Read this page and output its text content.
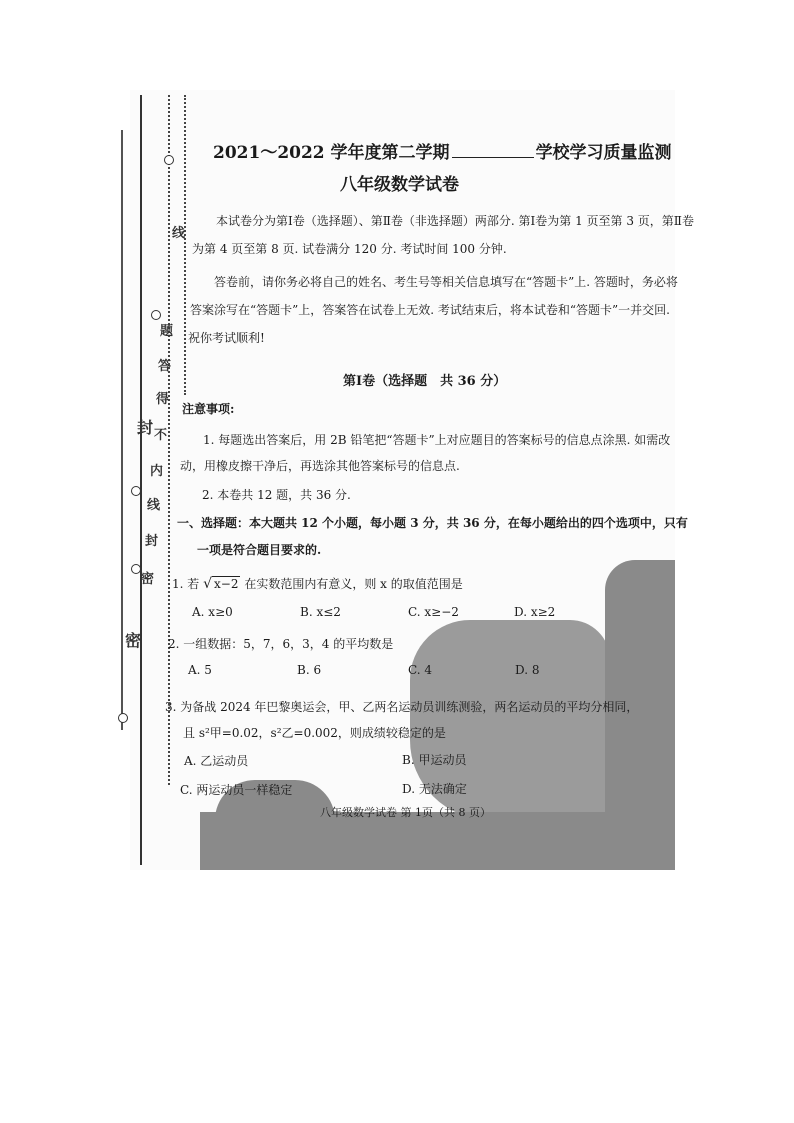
线
题
答
得
不
封
内
线
封
密
密
2021～2022 学年度第二学期	学校学习质量监测
八年级数学试卷
本试卷分为第Ⅰ卷（选择题）、第Ⅱ卷（非选择题）两部分. 第Ⅰ卷为第 1 页至第 3 页，第Ⅱ卷
为第 4 页至第 8 页. 试卷满分 120 分. 考试时间 100 分钟.
答卷前，请你务必将自己的姓名、考生号等相关信息填写在“答题卡”上. 答题时，务必将
答案涂写在“答题卡”上，答案答在试卷上无效. 考试结束后，将本试卷和“答题卡”一并交回.
祝你考试顺利!
第Ⅰ卷（选择题　共 36 分）
注意事项:
1. 每题选出答案后，用 2B 铅笔把“答题卡”上对应题目的答案标号的信息点涂黑. 如需改
动，用橡皮擦干净后，再选涂其他答案标号的信息点.
2. 本卷共 12 题，共 36 分.
一、选择题：本大题共 12 个小题，每小题 3 分，共 36 分，在每小题给出的四个选项中，只有
一项是符合题目要求的.
1. 若 √ x−2 在实数范围内有意义，则 x 的取值范围是
A. x≥0	B. x≤2	C. x≥−2	D. x≥2
2. 一组数据：5，7，6，3，4 的平均数是
A. 5	B. 6	C. 4	D. 8
3. 为备战 2024 年巴黎奥运会，甲、乙两名运动员训练测验，两名运动员的平均分相同，
且 s²甲=0.02，s²乙=0.002，则成绩较稳定的是
A. 乙运动员	B. 甲运动员
C. 两运动员一样稳定	D. 无法确定
八年级数学试卷 第 1页（共 8 页）
